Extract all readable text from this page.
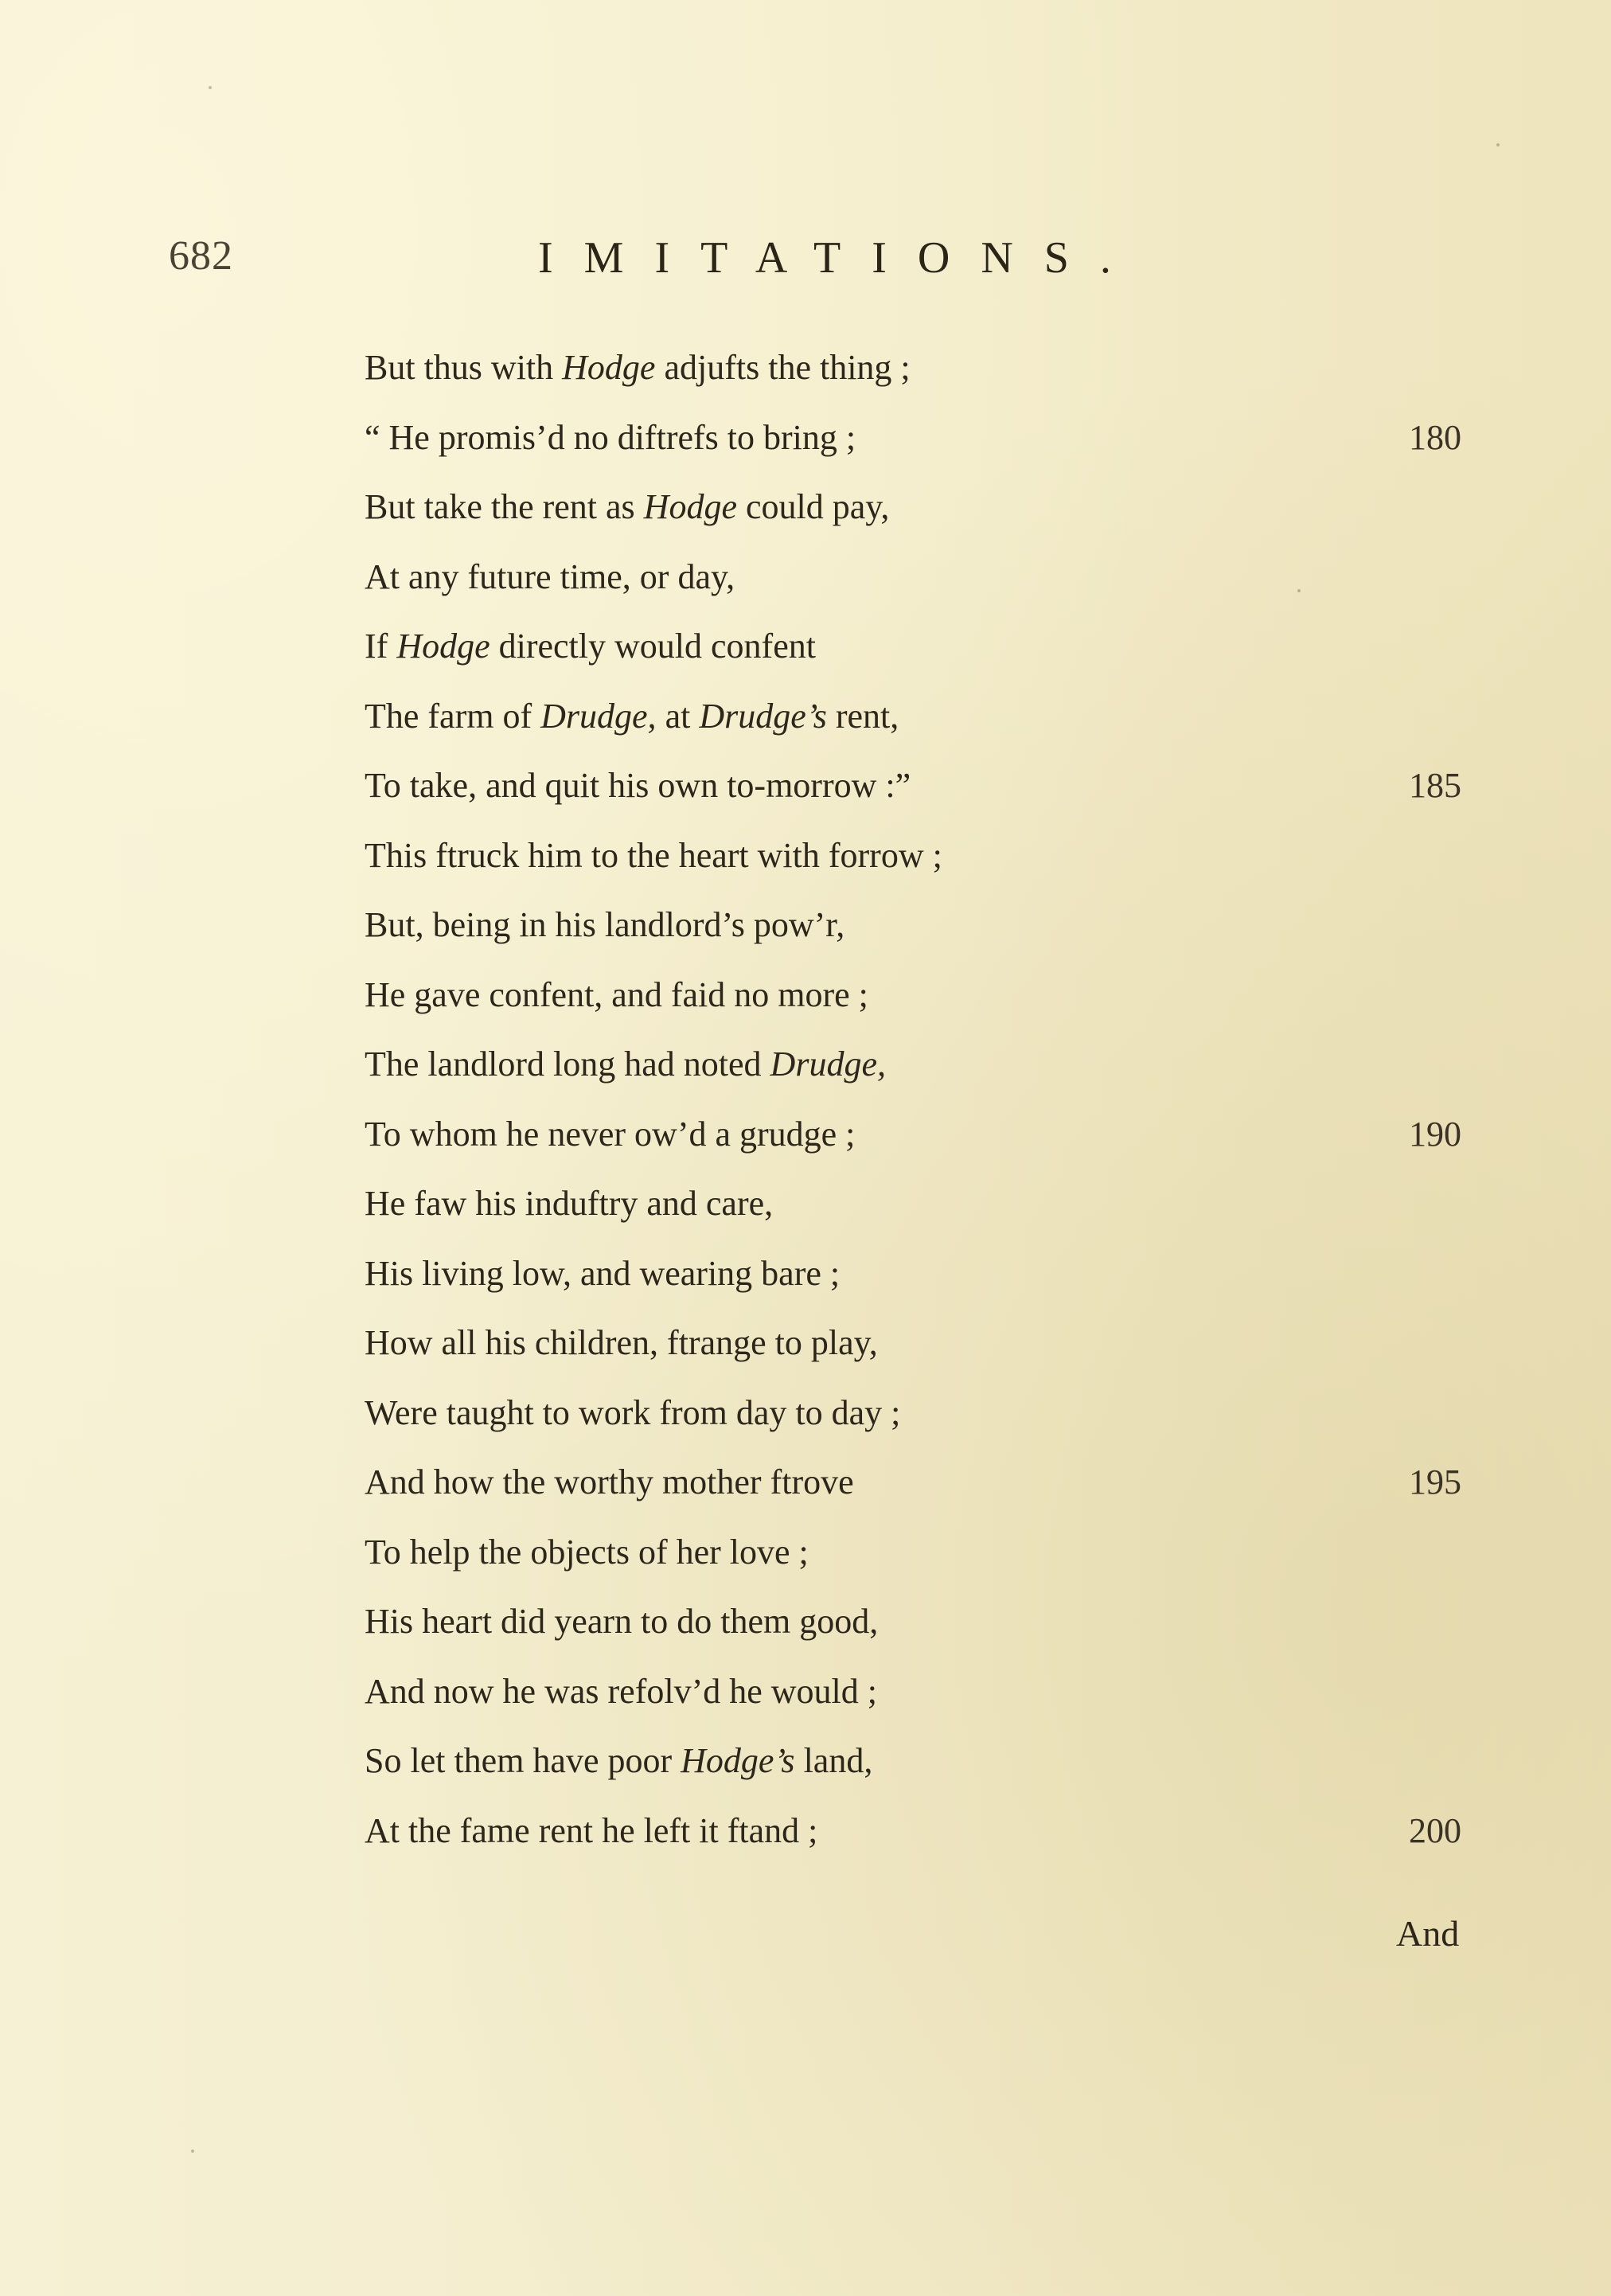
682	IMITATIONS.
But thus with Hodge adjufts the thing ;
“ He promis’d no diftrefs to bring ;	180
But take the rent as Hodge could pay,
At any future time, or day,
If Hodge directly would confent
The farm of Drudge, at Drudge’s rent,
To take, and quit his own to-morrow :”	185
This ftruck him to the heart with forrow ;
But, being in his landlord’s pow’r,
He gave confent, and faid no more ;
The landlord long had noted Drudge,
To whom he never ow’d a grudge ;	190
He faw his induftry and care,
His living low, and wearing bare ;
How all his children, ftrange to play,
Were taught to work from day to day ;
And how the worthy mother ftrove	195
To help the objects of her love ;
His heart did yearn to do them good,
And now he was refolv’d he would ;
So let them have poor Hodge’s land,
At the fame rent he left it ftand ;	200
And
